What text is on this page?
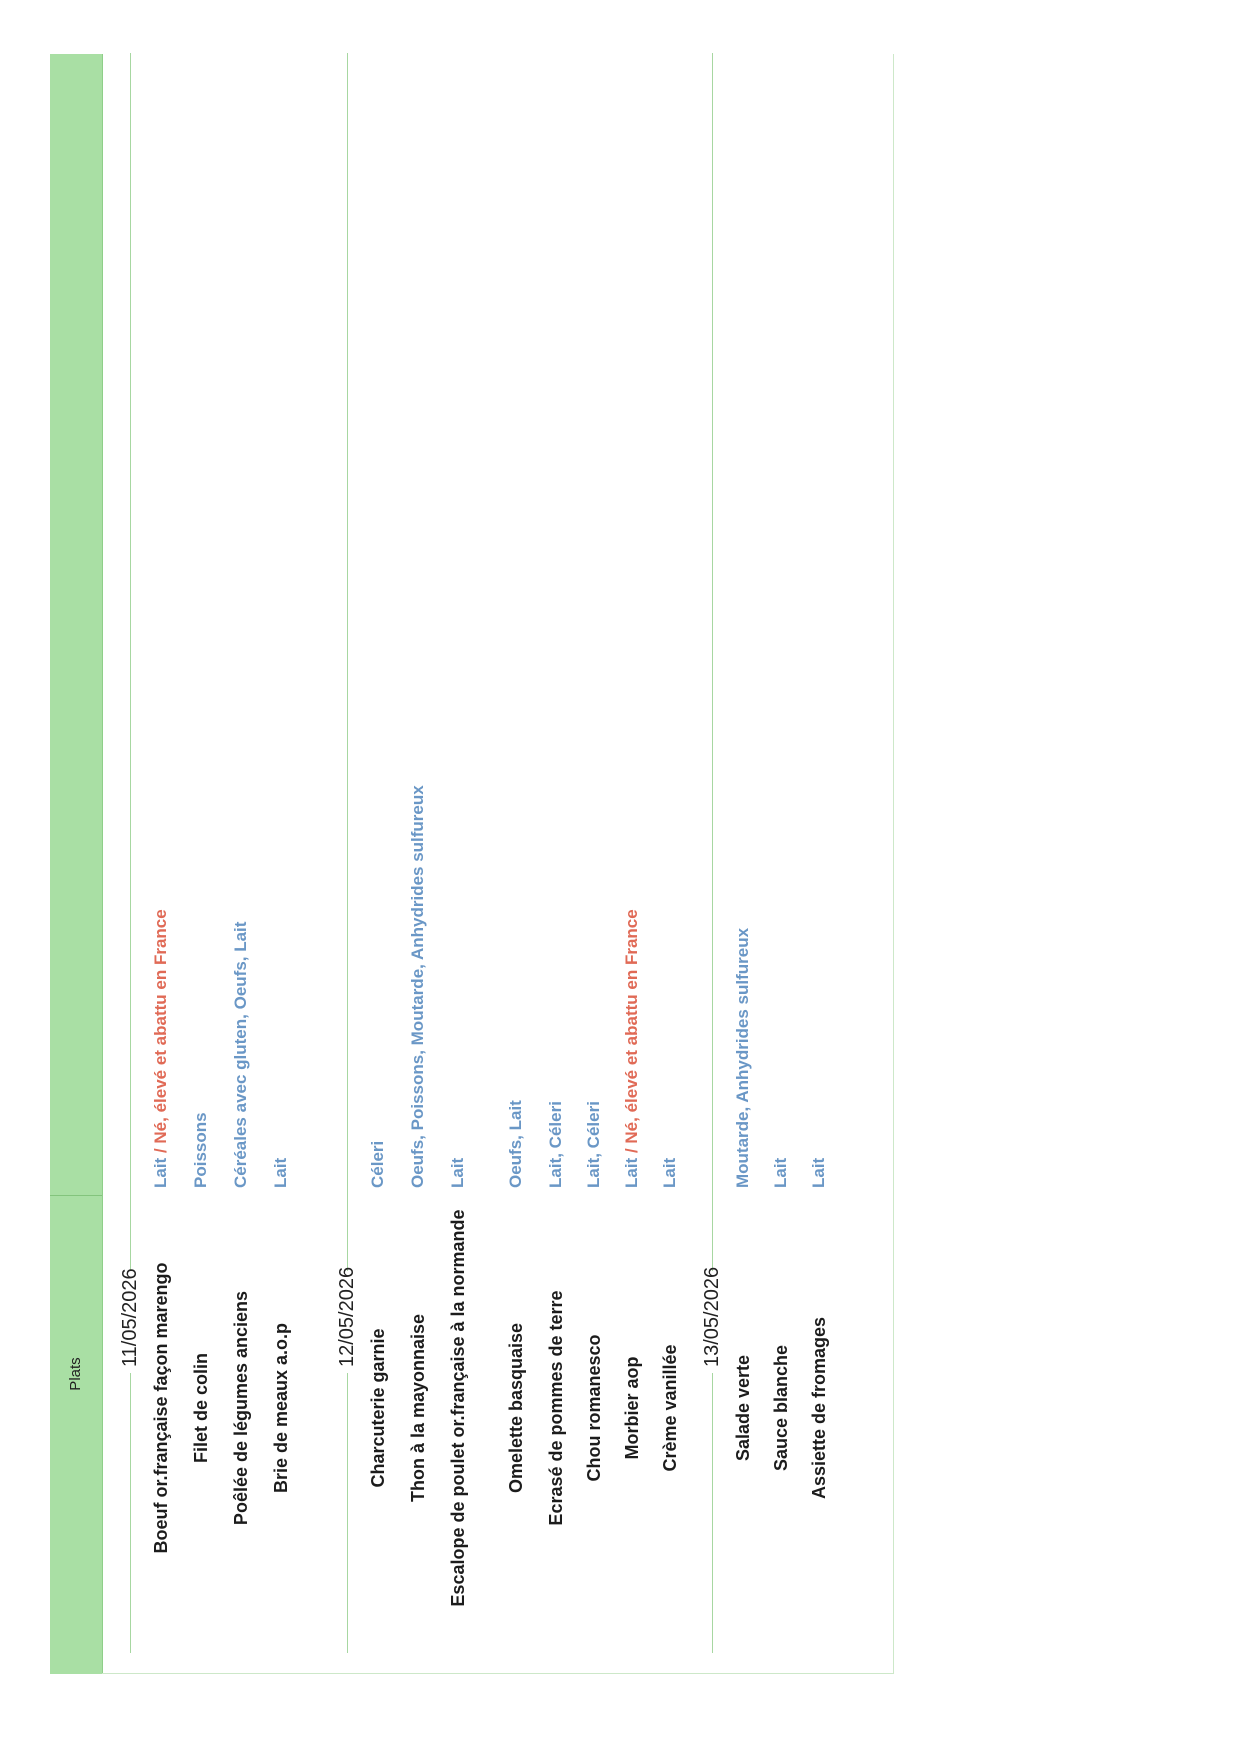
Plats
11/05/2026 Boeuf or.française façon marengo
Lait / Né, élevé et abattu en France
Filet de colin
Poissons
Poêlée de légumes anciens
Céréales avec gluten, Oeufs, Lait
Brie de meaux a.o.p
Lait
12/05/2026
Charcuterie garnie
Céleri
Thon à la mayonnaise
Oeufs, Poissons, Moutarde, Anhydrides sulfureux
Escalope de poulet or.française à la normande
Lait
Omelette basquaise
Oeufs, Lait
Ecrasé de pommes de terre
Lait, Céleri
Chou romanesco
Lait, Céleri
Morbier aop
Lait / Né, élevé et abattu en France
Crème vanillée
Lait
13/05/2026
Salade verte
Moutarde, Anhydrides sulfureux
Sauce blanche
Lait
Assiette de fromages
Lait
